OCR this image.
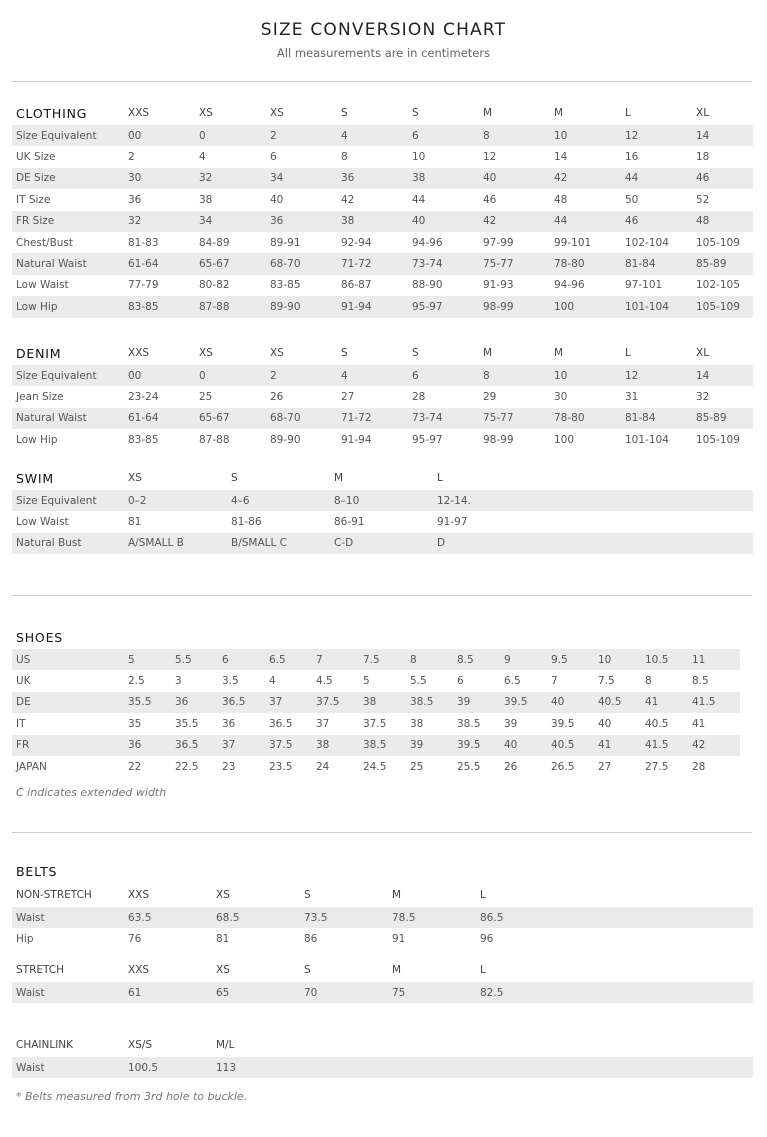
SIZE CONVERSION CHART
All measurements are in centimeters
CLOTHING	XXS	XS	XS	S	S	M	M	L	XL
Size Equivalent	00	0	2	4	6	8	10	12	14
UK Size	2	4	6	8	10	12	14	16	18
DE Size	30	32	34	36	38	40	42	44	46
IT Size	36	38	40	42	44	46	48	50	52
FR Size	32	34	36	38	40	42	44	46	48
Chest/Bust	81-83	84-89	89-91	92-94	94-96	97-99	99-101	102-104	105-109
Natural Waist	61-64	65-67	68-70	71-72	73-74	75-77	78-80	81-84	85-89
Low Waist	77-79	80-82	83-85	86-87	88-90	91-93	94-96	97-101	102-105
Low Hip	83-85	87-88	89-90	91-94	95-97	98-99	100	101-104	105-109
DENIM	XXS	XS	XS	S	S	M	M	L	XL
Size Equivalent	00	0	2	4	6	8	10	12	14
Jean Size	23-24	25	26	27	28	29	30	31	32
Natural Waist	61-64	65-67	68-70	71-72	73-74	75-77	78-80	81-84	85-89
Low Hip	83-85	87-88	89-90	91-94	95-97	98-99	100	101-104	105-109
SWIM	XS	S	M	L
Size Equivalent	0–2	4–6	8–10	12-14.
Low Waist	81	81-86	86-91	91-97
Natural Bust	A/SMALL B	B/SMALL C	C-D	D
SHOES													
US	5	5.5	6	6.5	7	7.5	8	8.5	9	9.5	10	10.5	11
UK	2.5	3	3.5	4	4.5	5	5.5	6	6.5	7	7.5	8	8.5
DE	35.5	36	36.5	37	37.5	38	38.5	39	39.5	40	40.5	41	41.5
IT	35	35.5	36	36.5	37	37.5	38	38.5	39	39.5	40	40.5	41
FR	36	36.5	37	37.5	38	38.5	39	39.5	40	40.5	41	41.5	42
JAPAN	22	22.5	23	23.5	24	24.5	25	25.5	26	26.5	27	27.5	28
C indicates extended width
BELTS					
NON-STRETCH	XXS	XS	S	M	L
Waist	63.5	68.5	73.5	78.5	86.5
Hip	76	81	86	91	96
STRETCH	XXS	XS	S	M	L
Waist	61	65	70	75	82.5
CHAINLINK	XS/S	M/L
Waist	100.5	113
* Belts measured from 3rd hole to buckle.
